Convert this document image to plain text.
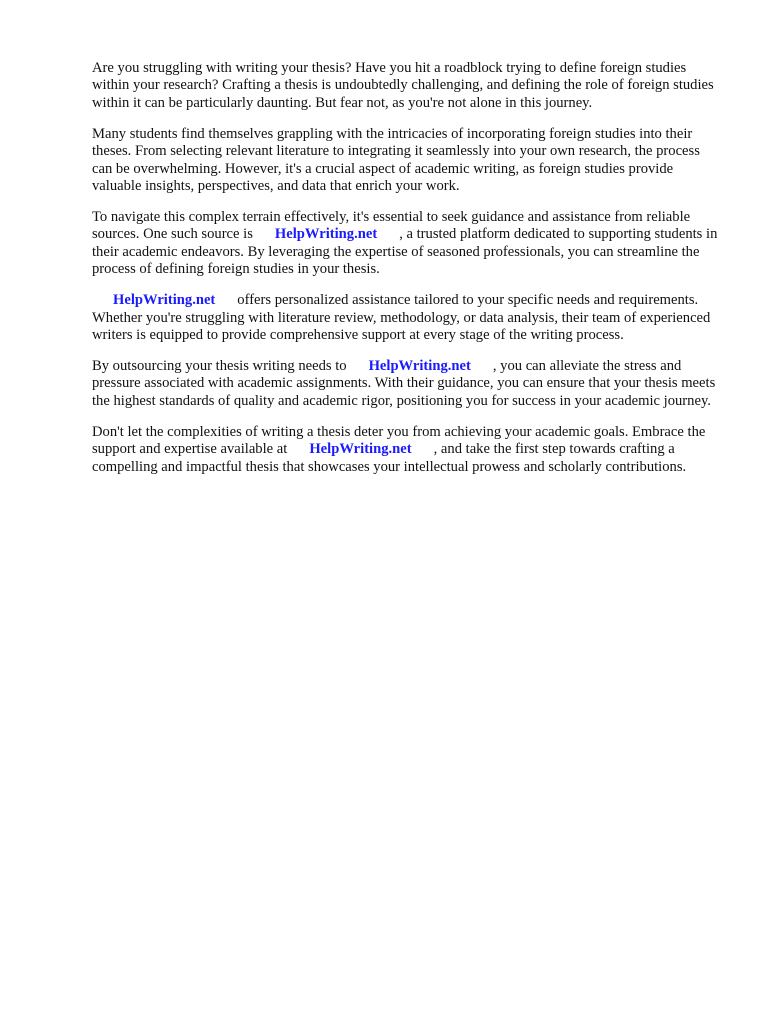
Are you struggling with writing your thesis? Have you hit a roadblock trying to define foreign studies within your research? Crafting a thesis is undoubtedly challenging, and defining the role of foreign studies within it can be particularly daunting. But fear not, as you're not alone in this journey.

Many students find themselves grappling with the intricacies of incorporating foreign studies into their theses. From selecting relevant literature to integrating it seamlessly into your own research, the process can be overwhelming. However, it's a crucial aspect of academic writing, as foreign studies provide valuable insights, perspectives, and data that enrich your work.

To navigate this complex terrain effectively, it's essential to seek guidance and assistance from reliable sources. One such source is HelpWriting.net , a trusted platform dedicated to supporting students in their academic endeavors. By leveraging the expertise of seasoned professionals, you can streamline the process of defining foreign studies in your thesis.

HelpWriting.net offers personalized assistance tailored to your specific needs and requirements. Whether you're struggling with literature review, methodology, or data analysis, their team of experienced writers is equipped to provide comprehensive support at every stage of the writing process.

By outsourcing your thesis writing needs to HelpWriting.net , you can alleviate the stress and pressure associated with academic assignments. With their guidance, you can ensure that your thesis meets the highest standards of quality and academic rigor, positioning you for success in your academic journey.

Don't let the complexities of writing a thesis deter you from achieving your academic goals. Embrace the support and expertise available at HelpWriting.net , and take the first step towards crafting a compelling and impactful thesis that showcases your intellectual prowess and scholarly contributions.
